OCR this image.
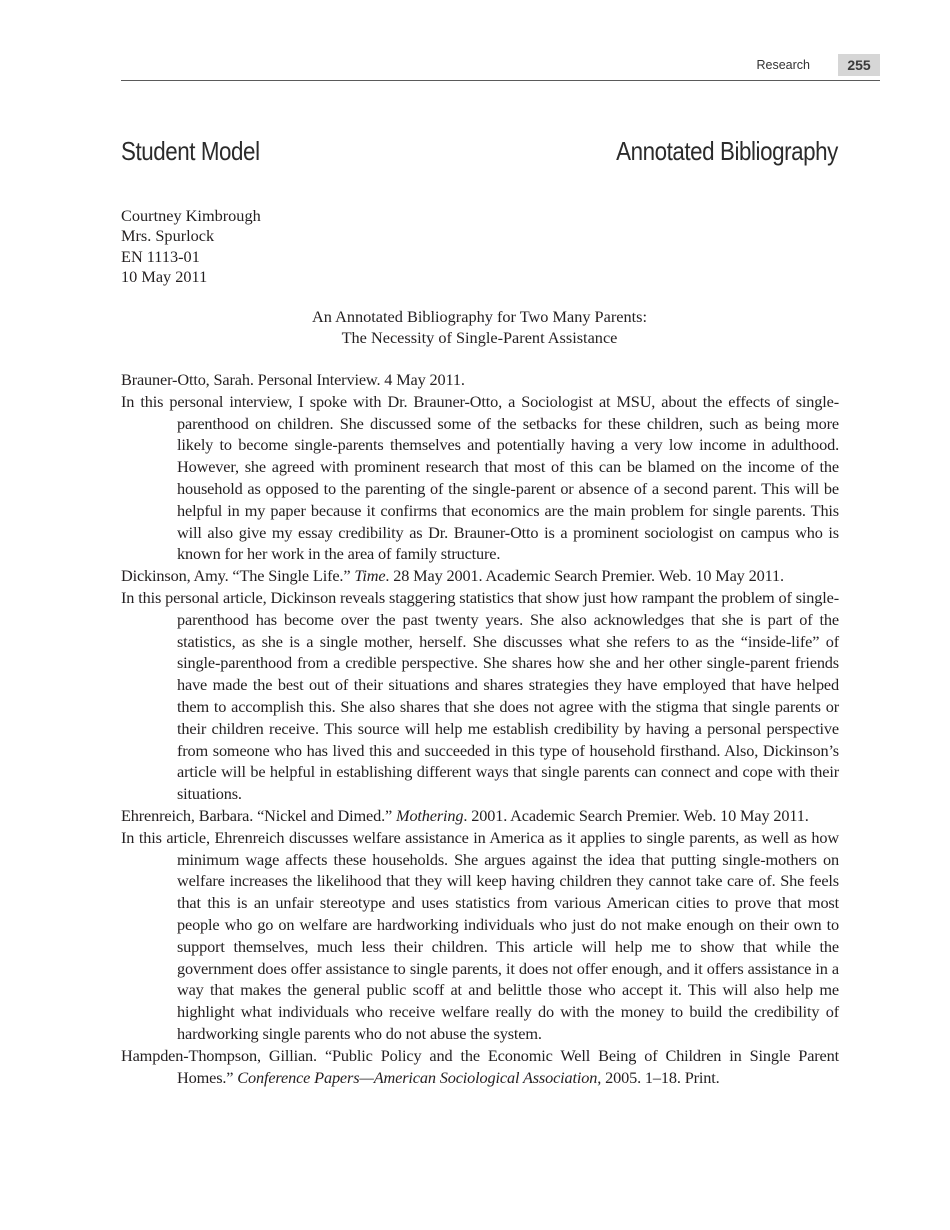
Research	255
Student Model	Annotated Bibliography
Courtney Kimbrough
Mrs. Spurlock
EN 1113-01
10 May 2011
An Annotated Bibliography for Two Many Parents:
The Necessity of Single-Parent Assistance
Brauner-Otto, Sarah. Personal Interview. 4 May 2011.
In this personal interview, I spoke with Dr. Brauner-Otto, a Sociologist at MSU, about the effects of single-parenthood on children. She discussed some of the setbacks for these children, such as being more likely to become single-parents themselves and potentially having a very low income in adulthood. However, she agreed with prominent research that most of this can be blamed on the income of the household as opposed to the parenting of the single-parent or absence of a second parent. This will be helpful in my paper because it confirms that economics are the main problem for single parents. This will also give my essay credibility as Dr. Brauner-Otto is a prominent sociologist on campus who is known for her work in the area of family structure.
Dickinson, Amy. “The Single Life.” Time. 28 May 2001. Academic Search Premier. Web. 10 May 2011.
In this personal article, Dickinson reveals staggering statistics that show just how rampant the problem of single-parenthood has become over the past twenty years. She also acknowledges that she is part of the statistics, as she is a single mother, herself. She discusses what she refers to as the “inside-life” of single-parenthood from a credible perspective. She shares how she and her other single-parent friends have made the best out of their situations and shares strategies they have employed that have helped them to accomplish this. She also shares that she does not agree with the stigma that single parents or their children receive. This source will help me establish credibility by having a personal perspective from someone who has lived this and succeeded in this type of household firsthand. Also, Dickinson’s article will be helpful in establishing different ways that single parents can connect and cope with their situations.
Ehrenreich, Barbara. “Nickel and Dimed.” Mothering. 2001. Academic Search Premier. Web. 10 May 2011.
In this article, Ehrenreich discusses welfare assistance in America as it applies to single parents, as well as how minimum wage affects these households. She argues against the idea that putting single-mothers on welfare increases the likelihood that they will keep having children they cannot take care of. She feels that this is an unfair stereotype and uses statistics from various American cities to prove that most people who go on welfare are hardworking individuals who just do not make enough on their own to support themselves, much less their children. This article will help me to show that while the government does offer assistance to single parents, it does not offer enough, and it offers assistance in a way that makes the general public scoff at and belittle those who accept it. This will also help me highlight what individuals who receive welfare really do with the money to build the credibility of hardworking single parents who do not abuse the system.
Hampden-Thompson, Gillian. “Public Policy and the Economic Well Being of Children in Single Parent Homes.” Conference Papers—American Sociological Association, 2005. 1–18. Print.
